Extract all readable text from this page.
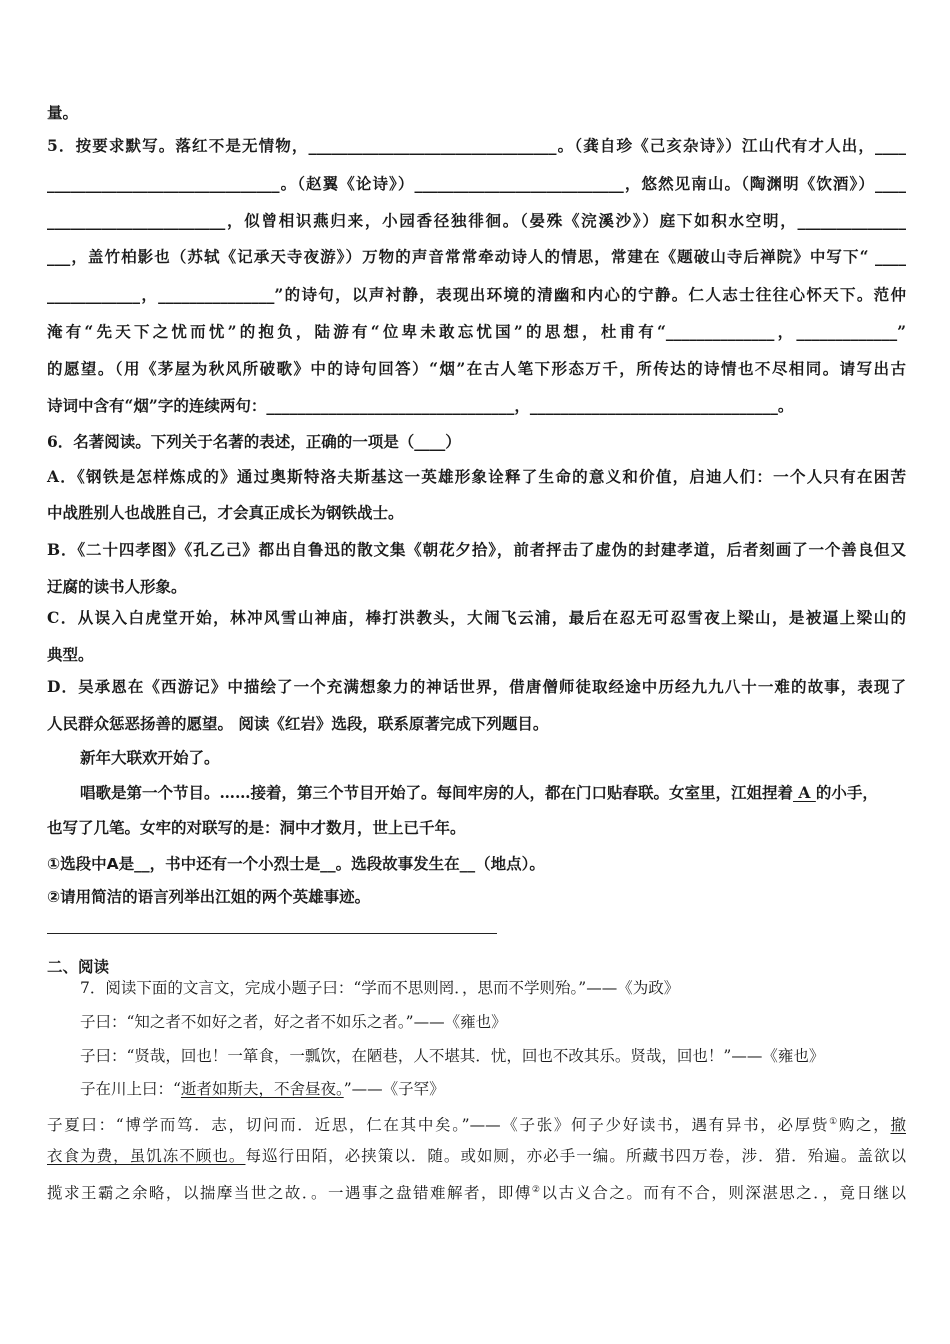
量。
5．按要求默写。落红不是无情物，________________________________。（龚自珍《己亥杂诗》）江山代有才人出，____
______________________________。（赵翼《论诗》）___________________________，悠然见南山。（陶渊明《饮酒》）____
_______________________，似曾相识燕归来，小园香径独徘徊。（晏殊《浣溪沙》）庭下如积水空明，______________
___，盖竹柏影也（苏轼《记承天寺夜游》）万物的声音常常牵动诗人的情思，常建在《题破山寺后禅院》中写下“ ____
____________，_______________”的诗句，以声衬静，表现出环境的清幽和内心的宁静。仁人志士往往心怀天下。范仲
淹有“先天下之忧而忧”的抱负，陆游有“位卑未敢忘忧国”的思想，杜甫有“______________，_____________”
的愿望。（用《茅屋为秋风所破歌》中的诗句回答）“烟”在古人笔下形态万千，所传达的诗情也不尽相同。请写出古
诗词中含有“烟”字的连续两句：________________________________，________________________________。
6．名著阅读。下列关于名著的表述，正确的一项是（____）
A．《钢铁是怎样炼成的》通过奥斯特洛夫斯基这一英雄形象诠释了生命的意义和价值，启迪人们：一个人只有在困苦
中战胜别人也战胜自己，才会真正成长为钢铁战士。
B．《二十四孝图》《孔乙己》都出自鲁迅的散文集《朝花夕拾》，前者抨击了虚伪的封建孝道，后者刻画了一个善良但又
迂腐的读书人形象。
C．从误入白虎堂开始，林冲风雪山神庙，棒打洪教头，大闹飞云浦，最后在忍无可忍雪夜上梁山，是被逼上梁山的
典型。
D．吴承恩在《西游记》中描绘了一个充满想象力的神话世界，借唐僧师徒取经途中历经九九八十一难的故事，表现了
人民群众惩恶扬善的愿望。 阅读《红岩》选段，联系原著完成下列题目。
新年大联欢开始了。
唱歌是第一个节目。……接着，第三个节目开始了。每间牢房的人，都在门口贴春联。女室里，江姐捏着 A 的小手，
也写了几笔。女牢的对联写的是：洞中才数月，世上已千年。
①选段中A是__，书中还有一个小烈士是__。选段故事发生在__（地点）。
②请用简洁的语言列举出江姐的两个英雄事迹。
二、阅读
7．阅读下面的文言文，完成小题子曰：“学而不思则罔．，思而不学则殆。”——《为政》
子曰：“知之者不如好之者，好之者不如乐之者。”——《雍也》
子曰：“贤哉，回也！一箪食，一瓢饮，在陋巷，人不堪其．忧，回也不改其乐。贤哉，回也！”——《雍也》
子在川上曰：“逝者如斯夫，不舍昼夜。”——《子罕》
子夏曰：“博学而笃．志，切问而．近思，仁在其中矣。”——《子张》何子少好读书，遇有异书，必厚赀①购之，撤
衣食为费，虽饥冻不顾也。每巡行田陌，必挟策以．随。或如厕，亦必手一编。所藏书四万卷，涉．猎．殆遍。盖欲以
揽求王霸之余略，以揣摩当世之故．。一遇事之盘错难解者，即傅②以古义合之。而有不合，则深湛思之．，竟日继以
